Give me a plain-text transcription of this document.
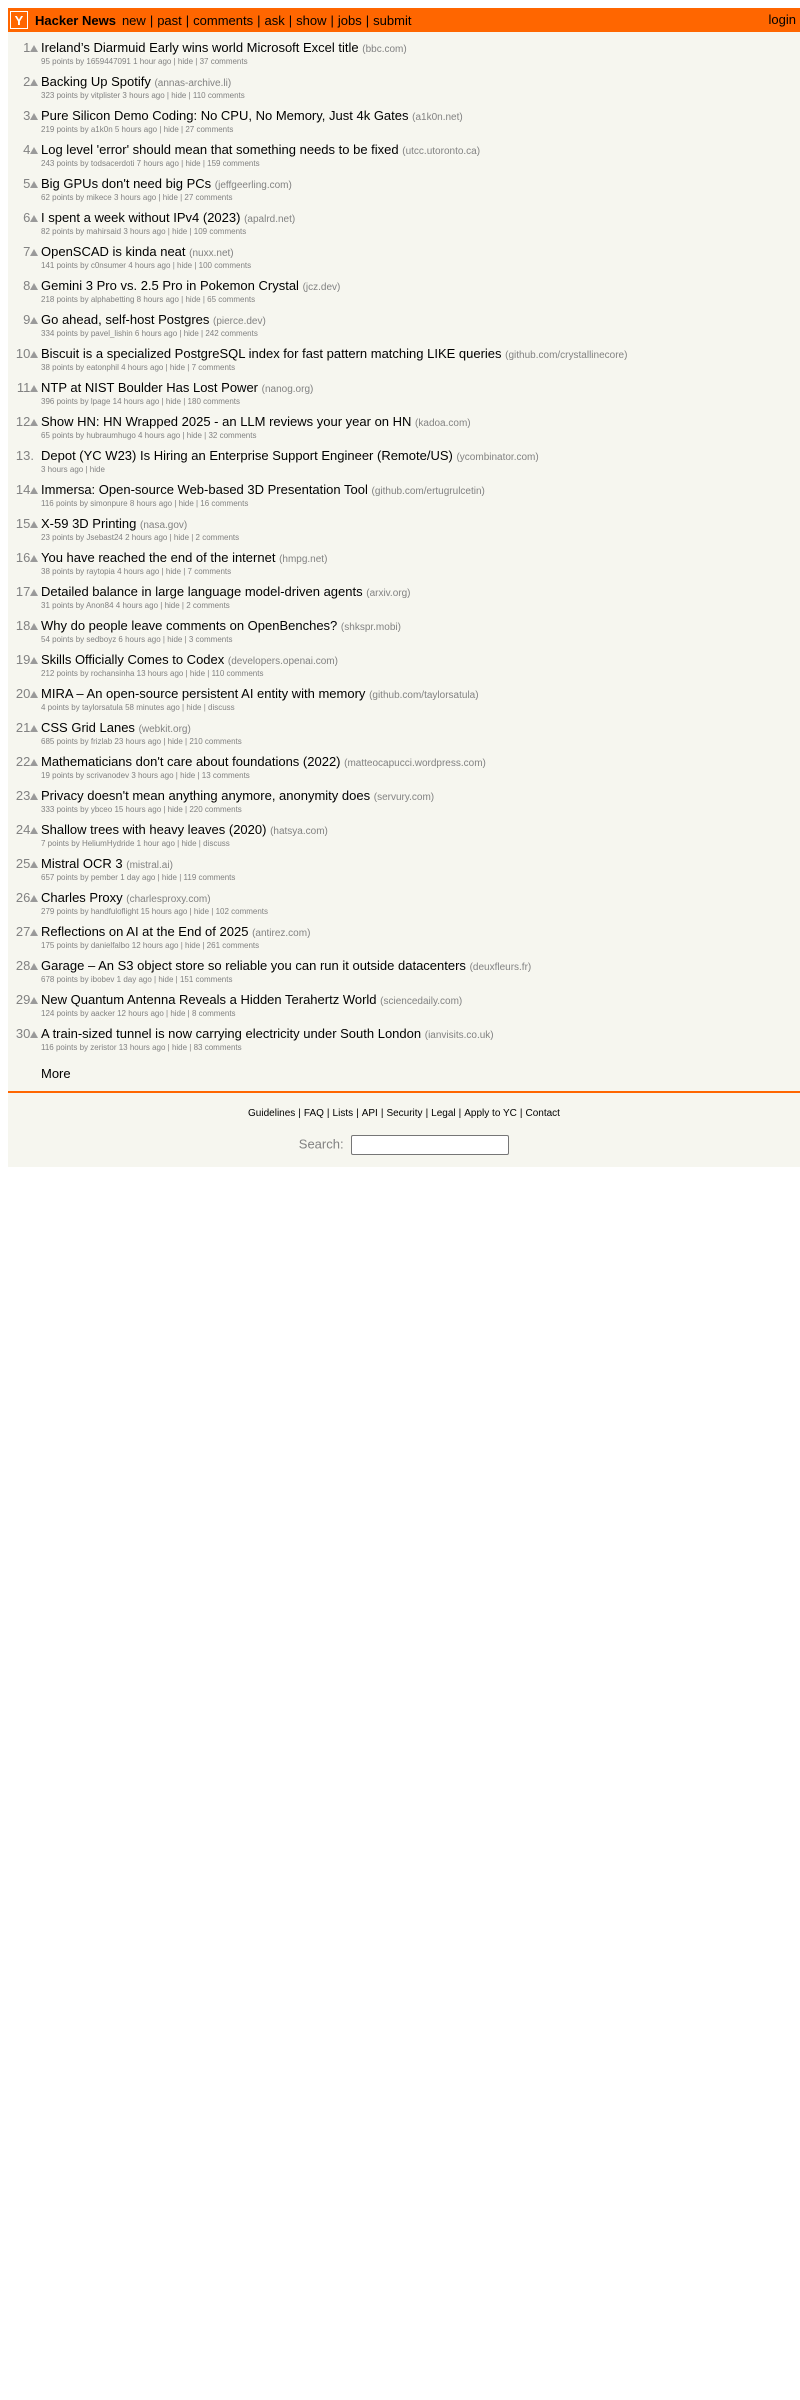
Y Hacker News new | past | comments | ask | show | jobs | submit	login
1. Ireland’s Diarmuid Early wins world Microsoft Excel title (bbc.com)
95 points by 1659447091 1 hour ago | hide | 37 comments
2. Backing Up Spotify (annas-archive.li)
323 points by vitplister 3 hours ago | hide | 110 comments
3. Pure Silicon Demo Coding: No CPU, No Memory, Just 4k Gates (a1k0n.net)
219 points by a1k0n 5 hours ago | hide | 27 comments
4. Log level 'error' should mean that something needs to be fixed (utcc.utoronto.ca)
243 points by todsacerdoti 7 hours ago | hide | 159 comments
5. Big GPUs don't need big PCs (jeffgeerling.com)
62 points by mikece 3 hours ago | hide | 27 comments
6. I spent a week without IPv4 (2023) (apalrd.net)
82 points by mahirsaid 3 hours ago | hide | 109 comments
7. OpenSCAD is kinda neat (nuxx.net)
141 points by c0nsumer 4 hours ago | hide | 100 comments
8. Gemini 3 Pro vs. 2.5 Pro in Pokemon Crystal (jcz.dev)
218 points by alphabetting 8 hours ago | hide | 65 comments
9. Go ahead, self-host Postgres (pierce.dev)
334 points by pavel_lishin 6 hours ago | hide | 242 comments
10. Biscuit is a specialized PostgreSQL index for fast pattern matching LIKE queries (github.com/crystallinecore)
38 points by eatonphil 4 hours ago | hide | 7 comments
11. NTP at NIST Boulder Has Lost Power (nanog.org)
396 points by lpage 14 hours ago | hide | 180 comments
12. Show HN: HN Wrapped 2025 - an LLM reviews your year on HN (kadoa.com)
65 points by hubraumhugo 4 hours ago | hide | 32 comments
13. Depot (YC W23) Is Hiring an Enterprise Support Engineer (Remote/US) (ycombinator.com)
3 hours ago | hide
14. Immersa: Open-source Web-based 3D Presentation Tool (github.com/ertugrulcetin)
116 points by simonpure 8 hours ago | hide | 16 comments
15. X-59 3D Printing (nasa.gov)
23 points by Jsebast24 2 hours ago | hide | 2 comments
16. You have reached the end of the internet (hmpg.net)
38 points by raytopia 4 hours ago | hide | 7 comments
17. Detailed balance in large language model-driven agents (arxiv.org)
31 points by Anon84 4 hours ago | hide | 2 comments
18. Why do people leave comments on OpenBenches? (shkspr.mobi)
54 points by sedboyz 6 hours ago | hide | 3 comments
19. Skills Officially Comes to Codex (developers.openai.com)
212 points by rochansinha 13 hours ago | hide | 110 comments
20. MIRA – An open-source persistent AI entity with memory (github.com/taylorsatula)
4 points by taylorsatula 58 minutes ago | hide | discuss
21. CSS Grid Lanes (webkit.org)
685 points by frizlab 23 hours ago | hide | 210 comments
22. Mathematicians don't care about foundations (2022) (matteocapucci.wordpress.com)
19 points by scrivanodev 3 hours ago | hide | 13 comments
23. Privacy doesn't mean anything anymore, anonymity does (servury.com)
333 points by ybceo 15 hours ago | hide | 220 comments
24. Shallow trees with heavy leaves (2020) (hatsya.com)
7 points by HeliumHydride 1 hour ago | hide | discuss
25. Mistral OCR 3 (mistral.ai)
657 points by pember 1 day ago | hide | 119 comments
26. Charles Proxy (charlesproxy.com)
279 points by handfuloflight 15 hours ago | hide | 102 comments
27. Reflections on AI at the End of 2025 (antirez.com)
175 points by danielfalbo 12 hours ago | hide | 261 comments
28. Garage – An S3 object store so reliable you can run it outside datacenters (deuxfleurs.fr)
678 points by ibobev 1 day ago | hide | 151 comments
29. New Quantum Antenna Reveals a Hidden Terahertz World (sciencedaily.com)
124 points by aacker 12 hours ago | hide | 8 comments
30. A train-sized tunnel is now carrying electricity under South London (ianvisits.co.uk)
116 points by zeristor 13 hours ago | hide | 83 comments
More
Guidelines | FAQ | Lists | API | Security | Legal | Apply to YC | Contact
Search:
